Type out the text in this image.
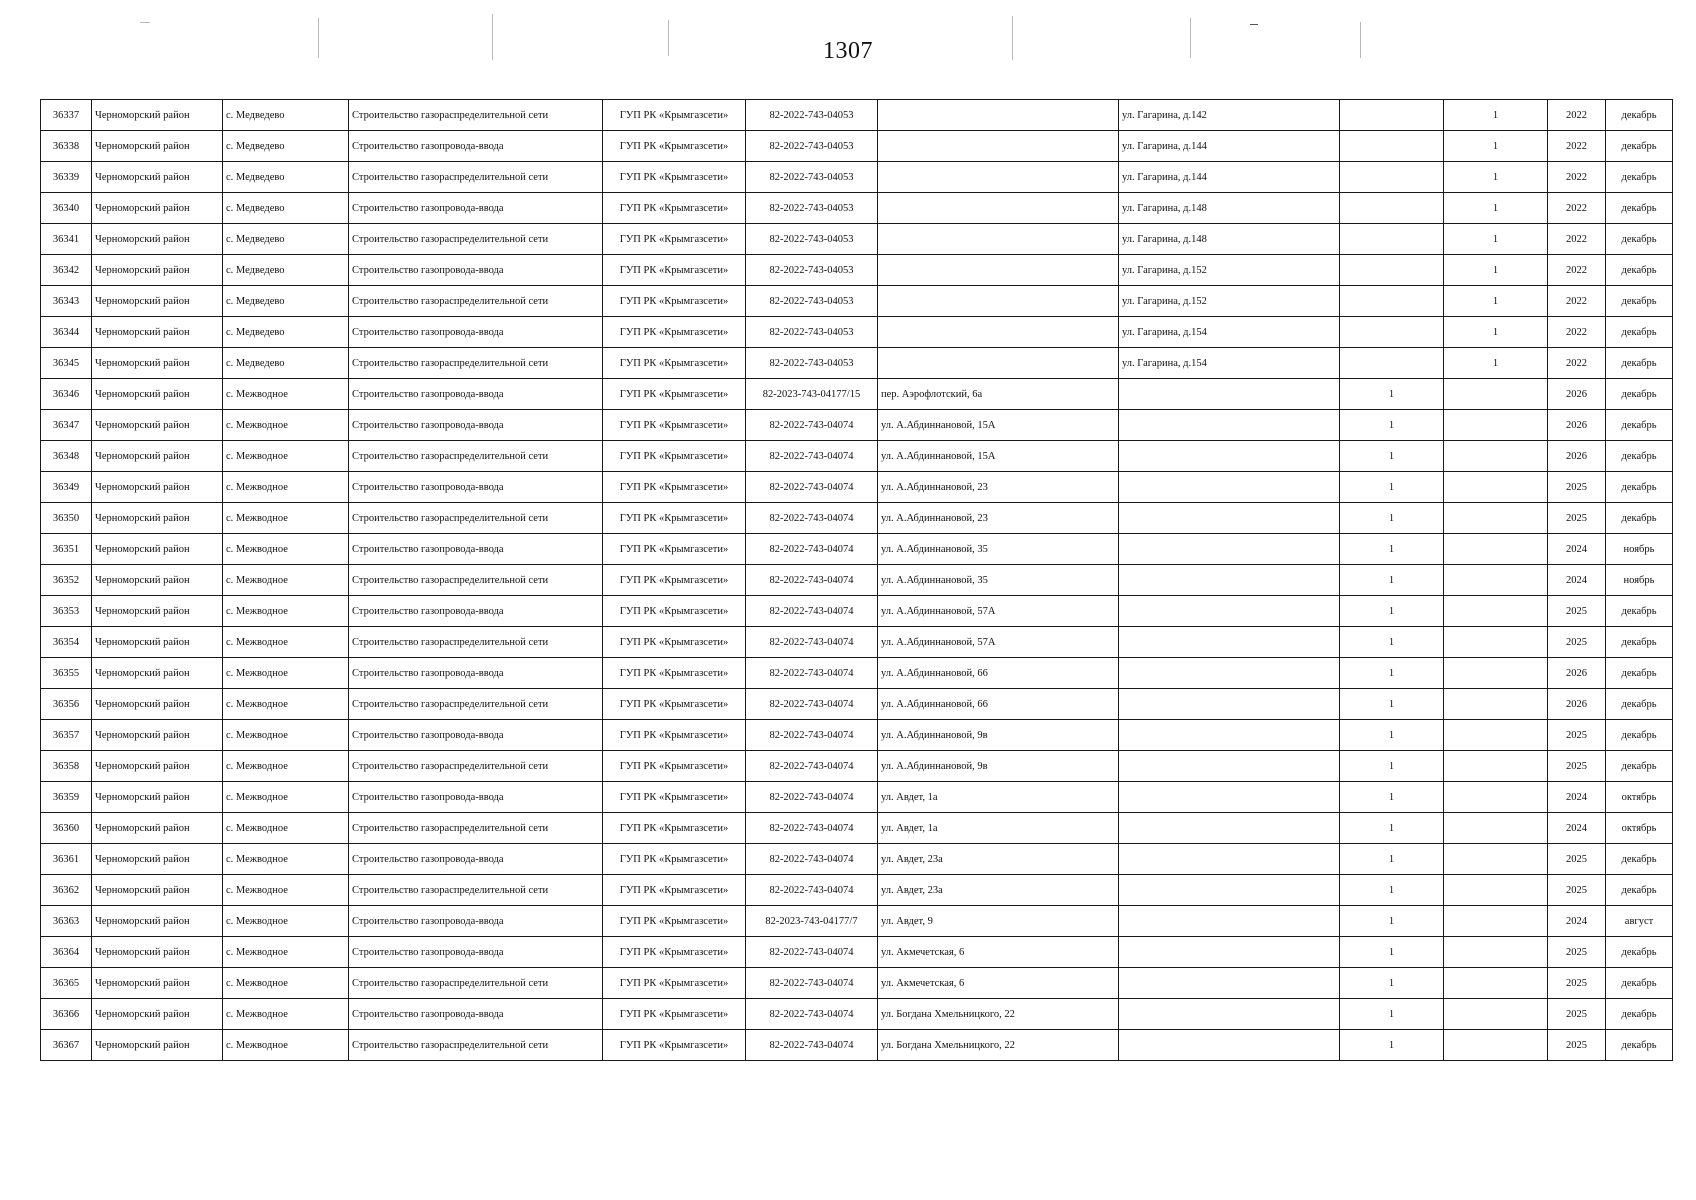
1307
36337	Черноморский район	с. Медведево	Строительство газораспределительной сети	ГУП РК «Крымгазсети»	82-2022-743-04053		ул. Гагарина, д.142		1	2022	декабрь
36338	Черноморский район	с. Медведево	Строительство газопровода-ввода	ГУП РК «Крымгазсети»	82-2022-743-04053		ул. Гагарина, д.144		1	2022	декабрь
36339	Черноморский район	с. Медведево	Строительство газораспределительной сети	ГУП РК «Крымгазсети»	82-2022-743-04053		ул. Гагарина, д.144		1	2022	декабрь
36340	Черноморский район	с. Медведево	Строительство газопровода-ввода	ГУП РК «Крымгазсети»	82-2022-743-04053		ул. Гагарина, д.148		1	2022	декабрь
36341	Черноморский район	с. Медведево	Строительство газораспределительной сети	ГУП РК «Крымгазсети»	82-2022-743-04053		ул. Гагарина, д.148		1	2022	декабрь
36342	Черноморский район	с. Медведево	Строительство газопровода-ввода	ГУП РК «Крымгазсети»	82-2022-743-04053		ул. Гагарина, д.152		1	2022	декабрь
36343	Черноморский район	с. Медведево	Строительство газораспределительной сети	ГУП РК «Крымгазсети»	82-2022-743-04053		ул. Гагарина, д.152		1	2022	декабрь
36344	Черноморский район	с. Медведево	Строительство газопровода-ввода	ГУП РК «Крымгазсети»	82-2022-743-04053		ул. Гагарина, д.154		1	2022	декабрь
36345	Черноморский район	с. Медведево	Строительство газораспределительной сети	ГУП РК «Крымгазсети»	82-2022-743-04053		ул. Гагарина, д.154		1	2022	декабрь
36346	Черноморский район	с. Межводное	Строительство газопровода-ввода	ГУП РК «Крымгазсети»	82-2023-743-04177/15	пер. Аэрофлотский, 6а		1		2026	декабрь
36347	Черноморский район	с. Межводное	Строительство газопровода-ввода	ГУП РК «Крымгазсети»	82-2022-743-04074	ул. А.Абдиннановой, 15А		1		2026	декабрь
36348	Черноморский район	с. Межводное	Строительство газораспределительной сети	ГУП РК «Крымгазсети»	82-2022-743-04074	ул. А.Абдиннановой, 15А		1		2026	декабрь
36349	Черноморский район	с. Межводное	Строительство газопровода-ввода	ГУП РК «Крымгазсети»	82-2022-743-04074	ул. А.Абдиннановой, 23		1		2025	декабрь
36350	Черноморский район	с. Межводное	Строительство газораспределительной сети	ГУП РК «Крымгазсети»	82-2022-743-04074	ул. А.Абдиннановой, 23		1		2025	декабрь
36351	Черноморский район	с. Межводное	Строительство газопровода-ввода	ГУП РК «Крымгазсети»	82-2022-743-04074	ул. А.Абдиннановой, 35		1		2024	ноябрь
36352	Черноморский район	с. Межводное	Строительство газораспределительной сети	ГУП РК «Крымгазсети»	82-2022-743-04074	ул. А.Абдиннановой, 35		1		2024	ноябрь
36353	Черноморский район	с. Межводное	Строительство газопровода-ввода	ГУП РК «Крымгазсети»	82-2022-743-04074	ул. А.Абдиннановой, 57А		1		2025	декабрь
36354	Черноморский район	с. Межводное	Строительство газораспределительной сети	ГУП РК «Крымгазсети»	82-2022-743-04074	ул. А.Абдиннановой, 57А		1		2025	декабрь
36355	Черноморский район	с. Межводное	Строительство газопровода-ввода	ГУП РК «Крымгазсети»	82-2022-743-04074	ул. А.Абдиннановой, 66		1		2026	декабрь
36356	Черноморский район	с. Межводное	Строительство газораспределительной сети	ГУП РК «Крымгазсети»	82-2022-743-04074	ул. А.Абдиннановой, 66		1		2026	декабрь
36357	Черноморский район	с. Межводное	Строительство газопровода-ввода	ГУП РК «Крымгазсети»	82-2022-743-04074	ул. А.Абдиннановой, 9в		1		2025	декабрь
36358	Черноморский район	с. Межводное	Строительство газораспределительной сети	ГУП РК «Крымгазсети»	82-2022-743-04074	ул. А.Абдиннановой, 9в		1		2025	декабрь
36359	Черноморский район	с. Межводное	Строительство газопровода-ввода	ГУП РК «Крымгазсети»	82-2022-743-04074	ул. Авдет, 1а		1		2024	октябрь
36360	Черноморский район	с. Межводное	Строительство газораспределительной сети	ГУП РК «Крымгазсети»	82-2022-743-04074	ул. Авдет, 1а		1		2024	октябрь
36361	Черноморский район	с. Межводное	Строительство газопровода-ввода	ГУП РК «Крымгазсети»	82-2022-743-04074	ул. Авдет, 23а		1		2025	декабрь
36362	Черноморский район	с. Межводное	Строительство газораспределительной сети	ГУП РК «Крымгазсети»	82-2022-743-04074	ул. Авдет, 23а		1		2025	декабрь
36363	Черноморский район	с. Межводное	Строительство газопровода-ввода	ГУП РК «Крымгазсети»	82-2023-743-04177/7	ул. Авдет, 9		1		2024	август
36364	Черноморский район	с. Межводное	Строительство газопровода-ввода	ГУП РК «Крымгазсети»	82-2022-743-04074	ул. Акмечетская, 6		1		2025	декабрь
36365	Черноморский район	с. Межводное	Строительство газораспределительной сети	ГУП РК «Крымгазсети»	82-2022-743-04074	ул. Акмечетская, 6		1		2025	декабрь
36366	Черноморский район	с. Межводное	Строительство газопровода-ввода	ГУП РК «Крымгазсети»	82-2022-743-04074	ул. Богдана Хмельницкого, 22		1		2025	декабрь
36367	Черноморский район	с. Межводное	Строительство газораспределительной сети	ГУП РК «Крымгазсети»	82-2022-743-04074	ул. Богдана Хмельницкого, 22		1		2025	декабрь
